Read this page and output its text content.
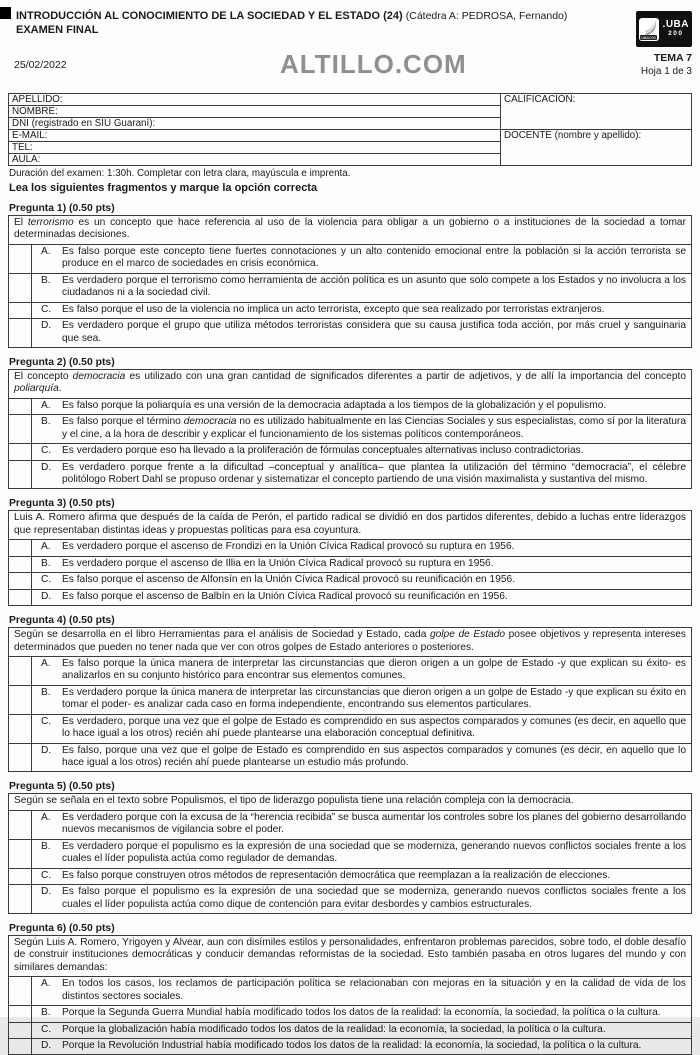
INTRODUCCIÓN AL CONOCIMIENTO DE LA SOCIEDAD Y EL ESTADO (24) (Cátedra A: PEDROSA, Fernando)
EXAMEN FINAL
25/02/2022	ALTILLO.COM
UBA200
.UBA
200
TEMA 7
Hoja 1 de 3
APELLIDO:	CALIFICACIÓN:
NOMBRE:	
DNI (registrado en SIU Guaraní):	
E-MAIL:	DOCENTE (nombre y apellido):
TEL:	
AULA:	
Duración del examen: 1:30h. Completar con letra clara, mayúscula e imprenta.
Lea los siguientes fragmentos y marque la opción correcta
Pregunta 1) (0.50 pts)
El terrorismo es un concepto que hace referencia al uso de la violencia para obligar a un gobierno o a instituciones de la sociedad a tomar determinadas decisiones.
A.	Es falso porque este concepto tiene fuertes connotaciones y un alto contenido emocional entre la población si la acción terrorista se produce en el marco de sociedades en crisis económica.
B.	Es verdadero porque el terrorismo como herramienta de acción política es un asunto que solo compete a los Estados y no involucra a los ciudadanos ni a la sociedad civil.
C.	Es falso porque el uso de la violencia no implica un acto terrorista, excepto que sea realizado por terroristas extranjeros.
D.	Es verdadero porque el grupo que utiliza métodos terroristas considera que su causa justifica toda acción, por más cruel y sanguinaria que sea.
Pregunta 2) (0.50 pts)
El concepto democracia es utilizado con una gran cantidad de significados diferentes a partir de adjetivos, y de allí la importancia del concepto poliarquía.
A.	Es falso porque la poliarquía es una versión de la democracia adaptada a los tiempos de la globalización y el populismo.
B.	Es falso porque el término democracia no es utilizado habitualmente en las Ciencias Sociales y sus especialistas, como sí por la literatura y el cine, a la hora de describir y explicar el funcionamiento de los sistemas políticos contemporáneos.
C.	Es verdadero porque eso ha llevado a la proliferación de fórmulas conceptuales alternativas incluso contradictorias.
D.	Es verdadero porque frente a la dificultad –conceptual y analítica– que plantea la utilización del término “democracia”, el célebre politólogo Robert Dahl se propuso ordenar y sistematizar el concepto partiendo de una visión maximalista y sustantiva del mismo.
Pregunta 3) (0.50 pts)
Luis A. Romero afirma que después de la caída de Perón, el partido radical se dividió en dos partidos diferentes, debido a luchas entre liderazgos que representaban distintas ideas y propuestas políticas para esa coyuntura.
A.	Es verdadero porque el ascenso de Frondizi en la Unión Cívica Radical provocó su ruptura en 1956.
B.	Es verdadero porque el ascenso de Illia en la Unión Cívica Radical provocó su ruptura en 1956.
C.	Es falso porque el ascenso de Alfonsín en la Unión Cívica Radical provocó su reunificación en 1956.
D.	Es falso porque el ascenso de Balbín en la Unión Cívica Radical provocó su reunificación en 1956.
Pregunta 4) (0.50 pts)
Según se desarrolla en el libro Herramientas para el análisis de Sociedad y Estado, cada golpe de Estado posee objetivos y representa intereses determinados que pueden no tener nada que ver con otros golpes de Estado anteriores o posteriores.
A.	Es falso porque la única manera de interpretar las circunstancias que dieron origen a un golpe de Estado -y que explican su éxito- es analizarlos en su conjunto histórico para encontrar sus elementos comunes.
B.	Es verdadero porque la única manera de interpretar las circunstancias que dieron origen a un golpe de Estado -y que explican su éxito en tomar el poder- es analizar cada caso en forma independiente, encontrando sus elementos particulares.
C.	Es verdadero, porque una vez que el golpe de Estado es comprendido en sus aspectos comparados y comunes (es decir, en aquello que lo hace igual a los otros) recién ahí puede plantearse una elaboración conceptual definitiva.
D.	Es falso, porque una vez que el golpe de Estado es comprendido en sus aspectos comparados y comunes (es decir, en aquello que lo hace igual a los otros) recién ahí puede plantearse un estudio más profundo.
Pregunta 5) (0.50 pts)
Según se señala en el texto sobre Populismos, el tipo de liderazgo populista tiene una relación compleja con la democracia.
A.	Es verdadero porque con la excusa de la “herencia recibida” se busca aumentar los controles sobre los planes del gobierno desarrollando nuevos mecanismos de vigilancia sobre el poder.
B.	Es verdadero porque el populismo es la expresión de una sociedad que se moderniza, generando nuevos conflictos sociales frente a los cuales el líder populista actúa como regulador de demandas.
C.	Es falso porque construyen otros métodos de representación democrática que reemplazan a la realización de elecciones.
D.	Es falso porque el populismo es la expresión de una sociedad que se moderniza, generando nuevos conflictos sociales frente a los cuales el líder populista actúa como dique de contención para evitar desbordes y cambios estructurales.
Pregunta 6) (0.50 pts)
Según Luis A. Romero, Yrigoyen y Alvear, aun con disímiles estilos y personalidades, enfrentaron problemas parecidos, sobre todo, el doble desafío de construir instituciones democráticas y conducir demandas reformistas de la sociedad. Esto también pasaba en otros lugares del mundo y con similares demandas:
A.	En todos los casos, los reclamos de participación política se relacionaban con mejoras en la situación y en la calidad de vida de los distintos sectores sociales.
B.	Porque la Segunda Guerra Mundial había modificado todos los datos de la realidad: la economía, la sociedad, la política o la cultura.
C.	Porque la globalización había modificado todos los datos de la realidad: la economía, la sociedad, la política o la cultura.
D.	Porque la Revolución Industrial había modificado todos los datos de la realidad: la economía, la sociedad, la política o la cultura.
